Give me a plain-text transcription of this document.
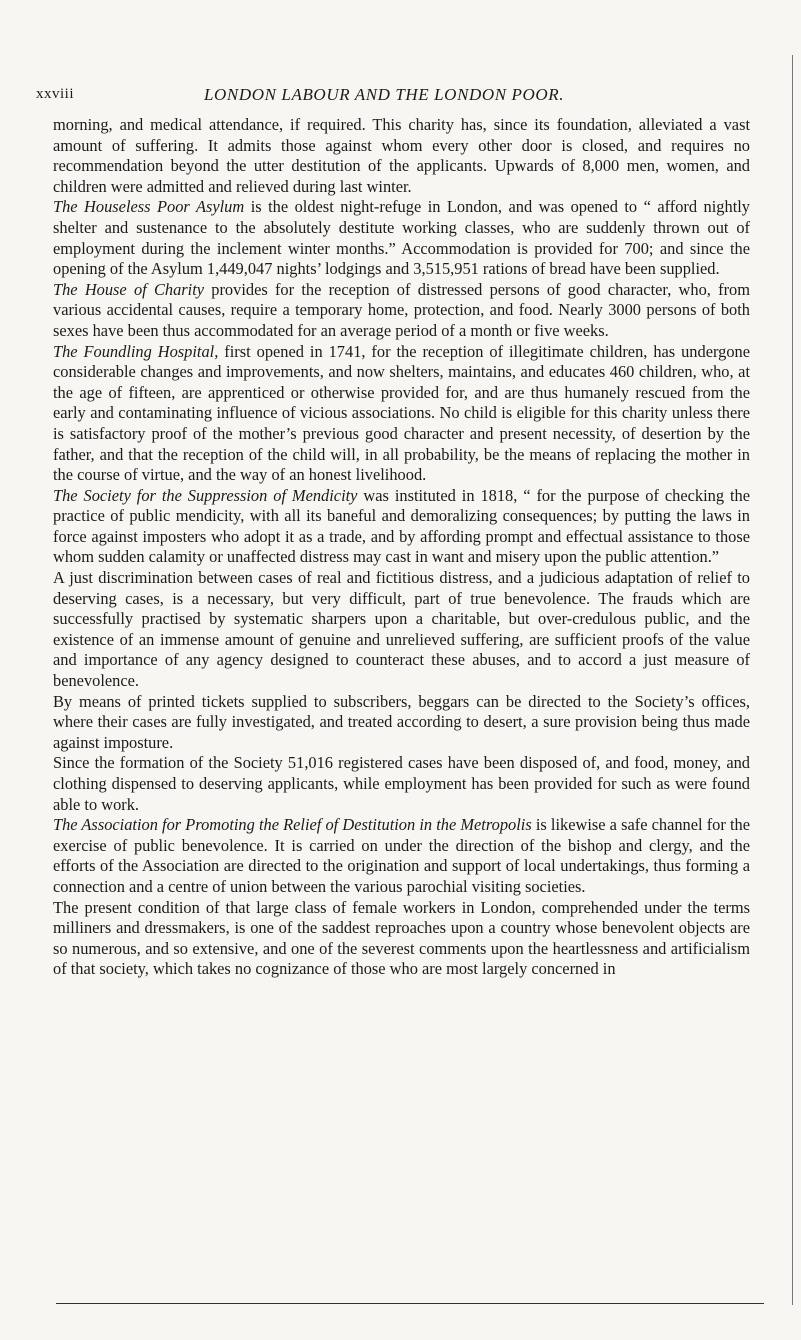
xxviii	LONDON LABOUR AND THE LONDON POOR.

morning, and medical attendance, if required. This charity has, since its foundation, alleviated a vast amount of suffering. It admits those against whom every other door is closed, and requires no recommendation beyond the utter destitution of the applicants. Upwards of 8,000 men, women, and children were admitted and relieved during last winter.

The Houseless Poor Asylum is the oldest night-refuge in London, and was opened to “ afford nightly shelter and sustenance to the absolutely destitute working classes, who are suddenly thrown out of employment during the inclement winter months.” Accommodation is provided for 700; and since the opening of the Asylum 1,449,047 nights’ lodgings and 3,515,951 rations of bread have been supplied.

The House of Charity provides for the reception of distressed persons of good character, who, from various accidental causes, require a temporary home, protection, and food. Nearly 3000 persons of both sexes have been thus accommodated for an average period of a month or five weeks.

The Foundling Hospital, first opened in 1741, for the reception of illegitimate children, has undergone considerable changes and improvements, and now shelters, maintains, and educates 460 children, who, at the age of fifteen, are apprenticed or otherwise provided for, and are thus humanely rescued from the early and contaminating influence of vicious associations. No child is eligible for this charity unless there is satisfactory proof of the mother’s previous good character and present necessity, of desertion by the father, and that the reception of the child will, in all probability, be the means of replacing the mother in the course of virtue, and the way of an honest livelihood.

The Society for the Suppression of Mendicity was instituted in 1818, “ for the purpose of checking the practice of public mendicity, with all its baneful and demoralizing consequences; by putting the laws in force against imposters who adopt it as a trade, and by affording prompt and effectual assistance to those whom sudden calamity or unaffected distress may cast in want and misery upon the public attention.”

A just discrimination between cases of real and fictitious distress, and a judicious adaptation of relief to deserving cases, is a necessary, but very difficult, part of true benevolence. The frauds which are successfully practised by systematic sharpers upon a charitable, but over-credulous public, and the existence of an immense amount of genuine and unrelieved suffering, are sufficient proofs of the value and importance of any agency designed to counteract these abuses, and to accord a just measure of benevolence.

By means of printed tickets supplied to subscribers, beggars can be directed to the Society’s offices, where their cases are fully investigated, and treated according to desert, a sure provision being thus made against imposture.

Since the formation of the Society 51,016 registered cases have been disposed of, and food, money, and clothing dispensed to deserving applicants, while employment has been provided for such as were found able to work.

The Association for Promoting the Relief of Destitution in the Metropolis is likewise a safe channel for the exercise of public benevolence. It is carried on under the direction of the bishop and clergy, and the efforts of the Association are directed to the origination and support of local undertakings, thus forming a connection and a centre of union between the various parochial visiting societies.

The present condition of that large class of female workers in London, comprehended under the terms milliners and dressmakers, is one of the saddest reproaches upon a country whose benevolent objects are so numerous, and so extensive, and one of the severest comments upon the heartlessness and artificialism of that society, which takes no cognizance of those who are most largely concerned in
